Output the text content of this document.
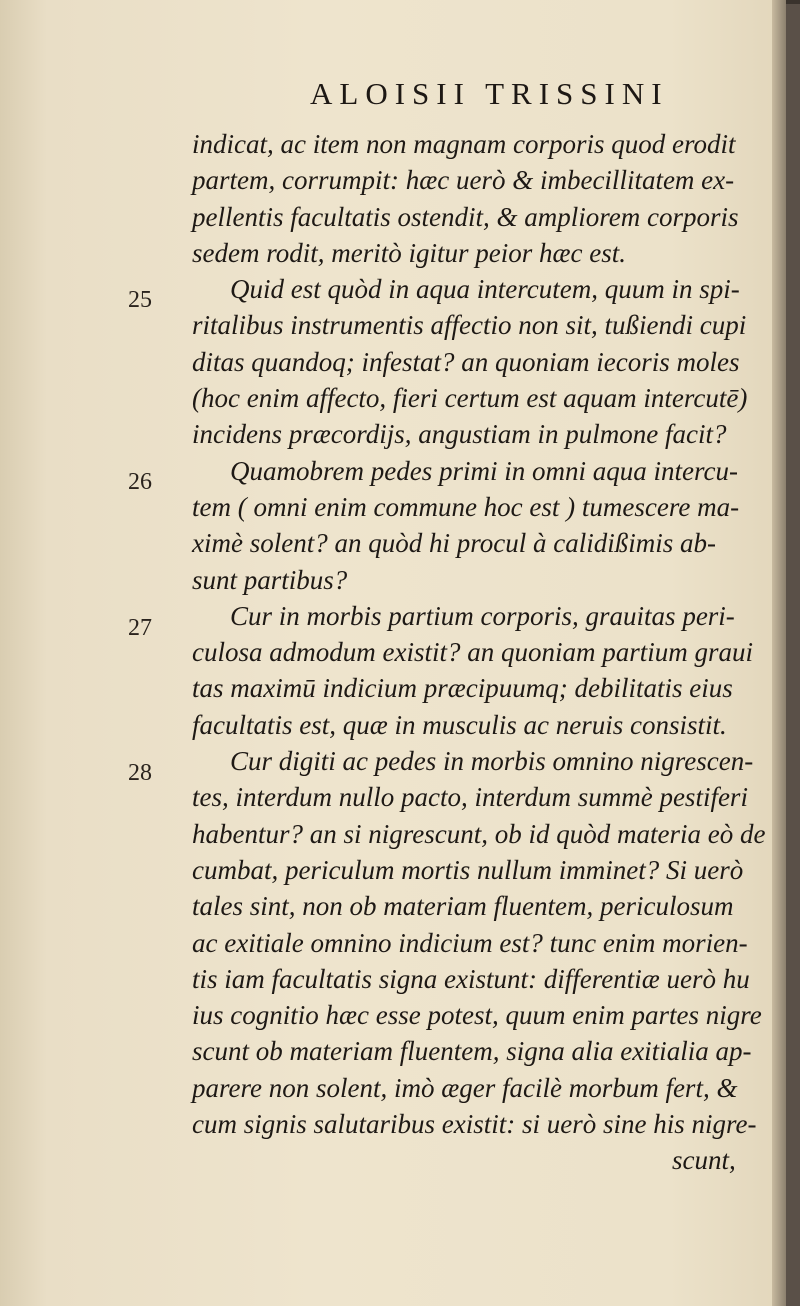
ALOISII TRISSINI
25
26
27
28
indicat, ac item non magnam corporis quod erodit
partem, corrumpit: hæc uerò & imbecillitatem ex-
pellentis facultatis ostendit, & ampliorem corporis
sedem rodit, meritò igitur peior hæc est.
Quid est quòd in aqua intercutem, quum in spi-
ritalibus instrumentis affectio non sit, tußiendi cupi
ditas quandoq; infestat? an quoniam iecoris moles
(hoc enim affecto, fieri certum est aquam intercutē)
incidens præcordijs, angustiam in pulmone facit?
Quamobrem pedes primi in omni aqua intercu-
tem ( omni enim commune hoc est ) tumescere ma-
ximè solent? an quòd hi procul à calidißimis ab-
sunt partibus?
Cur in morbis partium corporis, grauitas peri-
culosa admodum existit? an quoniam partium graui
tas maximū indicium præcipuumq; debilitatis eius
facultatis est, quæ in musculis ac neruis consistit.
Cur digiti ac pedes in morbis omnino nigrescen-
tes, interdum nullo pacto, interdum summè pestiferi
habentur? an si nigrescunt, ob id quòd materia eò de
cumbat, periculum mortis nullum imminet? Si uerò
tales sint, non ob materiam fluentem, periculosum
ac exitiale omnino indicium est? tunc enim morien-
tis iam facultatis signa existunt: differentiæ uerò hu
ius cognitio hæc esse potest, quum enim partes nigre
scunt ob materiam fluentem, signa alia exitialia ap-
parere non solent, imò æger facilè morbum fert, &
cum signis salutaribus existit: si uerò sine his nigre-
scunt,
